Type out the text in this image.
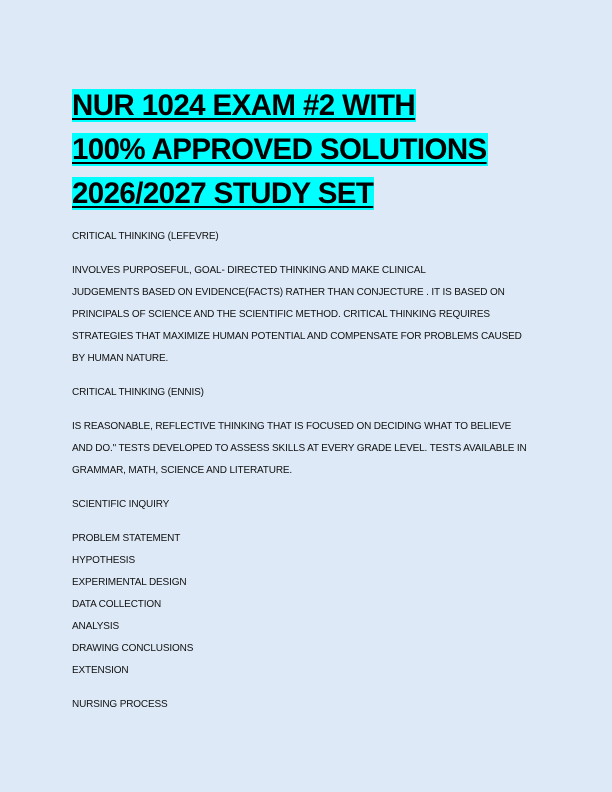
NUR 1024 EXAM #2 WITH
100% APPROVED SOLUTIONS
2026/2027 STUDY SET

CRITICAL THINKING (LEFEVRE)

INVOLVES PURPOSEFUL, GOAL- DIRECTED THINKING AND MAKE CLINICAL
JUDGEMENTS BASED ON EVIDENCE(FACTS) RATHER THAN CONJECTURE . IT IS BASED ON
PRINCIPALS OF SCIENCE AND THE SCIENTIFIC METHOD. CRITICAL THINKING REQUIRES
STRATEGIES THAT MAXIMIZE HUMAN POTENTIAL AND COMPENSATE FOR PROBLEMS CAUSED
BY HUMAN NATURE.

CRITICAL THINKING (ENNIS)

IS REASONABLE, REFLECTIVE THINKING THAT IS FOCUSED ON DECIDING WHAT TO BELIEVE
AND DO." TESTS DEVELOPED TO ASSESS SKILLS AT EVERY GRADE LEVEL. TESTS AVAILABLE IN
GRAMMAR, MATH, SCIENCE AND LITERATURE.

SCIENTIFIC INQUIRY

PROBLEM STATEMENT
HYPOTHESIS
EXPERIMENTAL DESIGN
DATA COLLECTION
ANALYSIS
DRAWING CONCLUSIONS
EXTENSION

NURSING PROCESS
